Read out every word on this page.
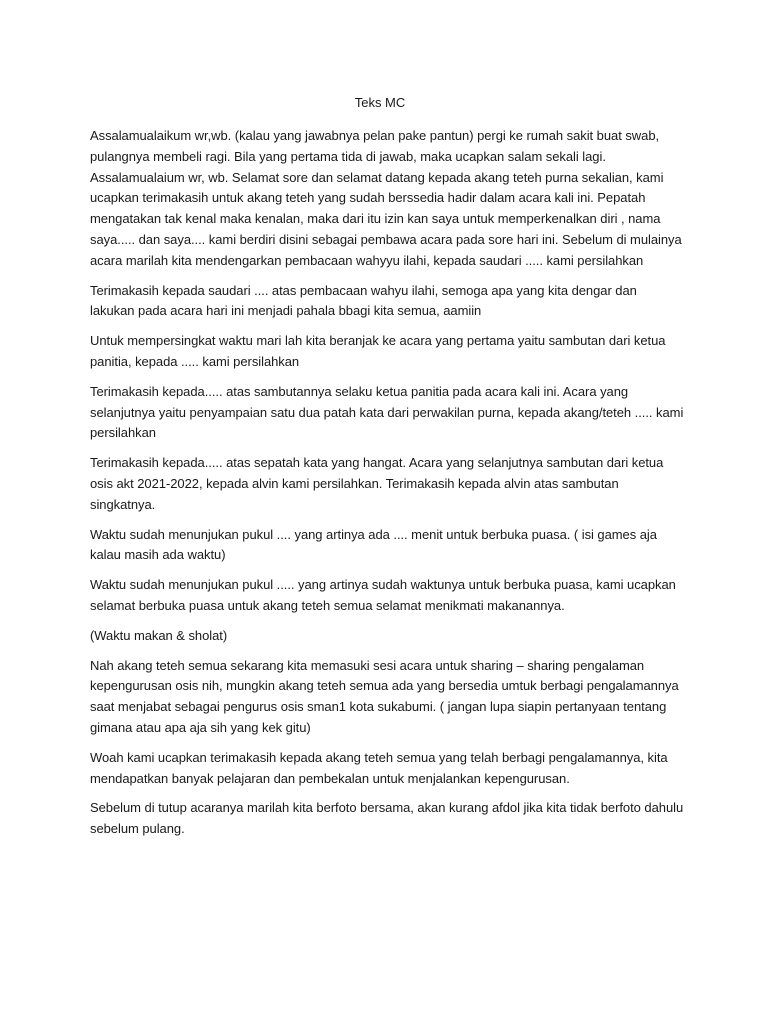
Teks MC

Assalamualaikum wr,wb. (kalau yang jawabnya pelan pake pantun) pergi ke rumah sakit buat swab, pulangnya membeli ragi. Bila yang pertama tida di jawab, maka ucapkan salam sekali lagi. Assalamualaium wr, wb. Selamat sore dan selamat datang kepada akang teteh purna sekalian, kami ucapkan terimakasih untuk akang teteh yang sudah berssedia hadir dalam acara kali ini. Pepatah mengatakan tak kenal maka kenalan, maka dari itu izin kan saya untuk memperkenalkan diri , nama saya..... dan saya.... kami berdiri disini sebagai pembawa acara pada sore hari ini. Sebelum di mulainya acara marilah kita mendengarkan pembacaan wahyyu ilahi, kepada saudari ..... kami persilahkan

Terimakasih kepada saudari .... atas pembacaan wahyu ilahi, semoga apa yang kita dengar dan lakukan pada acara hari ini menjadi pahala bbagi kita semua, aamiin

Untuk mempersingkat waktu mari lah kita beranjak ke acara yang pertama yaitu sambutan dari ketua panitia, kepada ..... kami persilahkan

Terimakasih kepada..... atas sambutannya selaku ketua panitia pada acara kali ini. Acara yang selanjutnya yaitu penyampaian satu dua patah kata dari perwakilan purna, kepada akang/teteh ..... kami persilahkan

Terimakasih kepada..... atas sepatah kata yang hangat. Acara yang selanjutnya sambutan dari ketua osis akt 2021-2022, kepada alvin kami persilahkan. Terimakasih kepada alvin atas sambutan singkatnya.

Waktu sudah menunjukan pukul .... yang artinya ada .... menit untuk berbuka puasa. ( isi games aja kalau masih ada waktu)

Waktu sudah menunjukan pukul ..... yang artinya sudah waktunya untuk berbuka puasa, kami ucapkan selamat berbuka puasa untuk akang teteh semua selamat menikmati makanannya.

(Waktu makan & sholat)

Nah akang teteh semua sekarang kita memasuki sesi acara untuk sharing – sharing pengalaman kepengurusan osis nih, mungkin akang teteh semua ada yang bersedia umtuk berbagi pengalamannya saat menjabat sebagai pengurus osis sman1 kota sukabumi. ( jangan lupa siapin pertanyaan tentang gimana atau apa aja sih yang kek gitu)

Woah kami ucapkan terimakasih kepada akang teteh semua yang telah berbagi pengalamannya, kita mendapatkan banyak pelajaran dan pembekalan untuk menjalankan kepengurusan.

Sebelum di tutup acaranya marilah kita berfoto bersama, akan kurang afdol jika kita tidak berfoto dahulu sebelum pulang.
